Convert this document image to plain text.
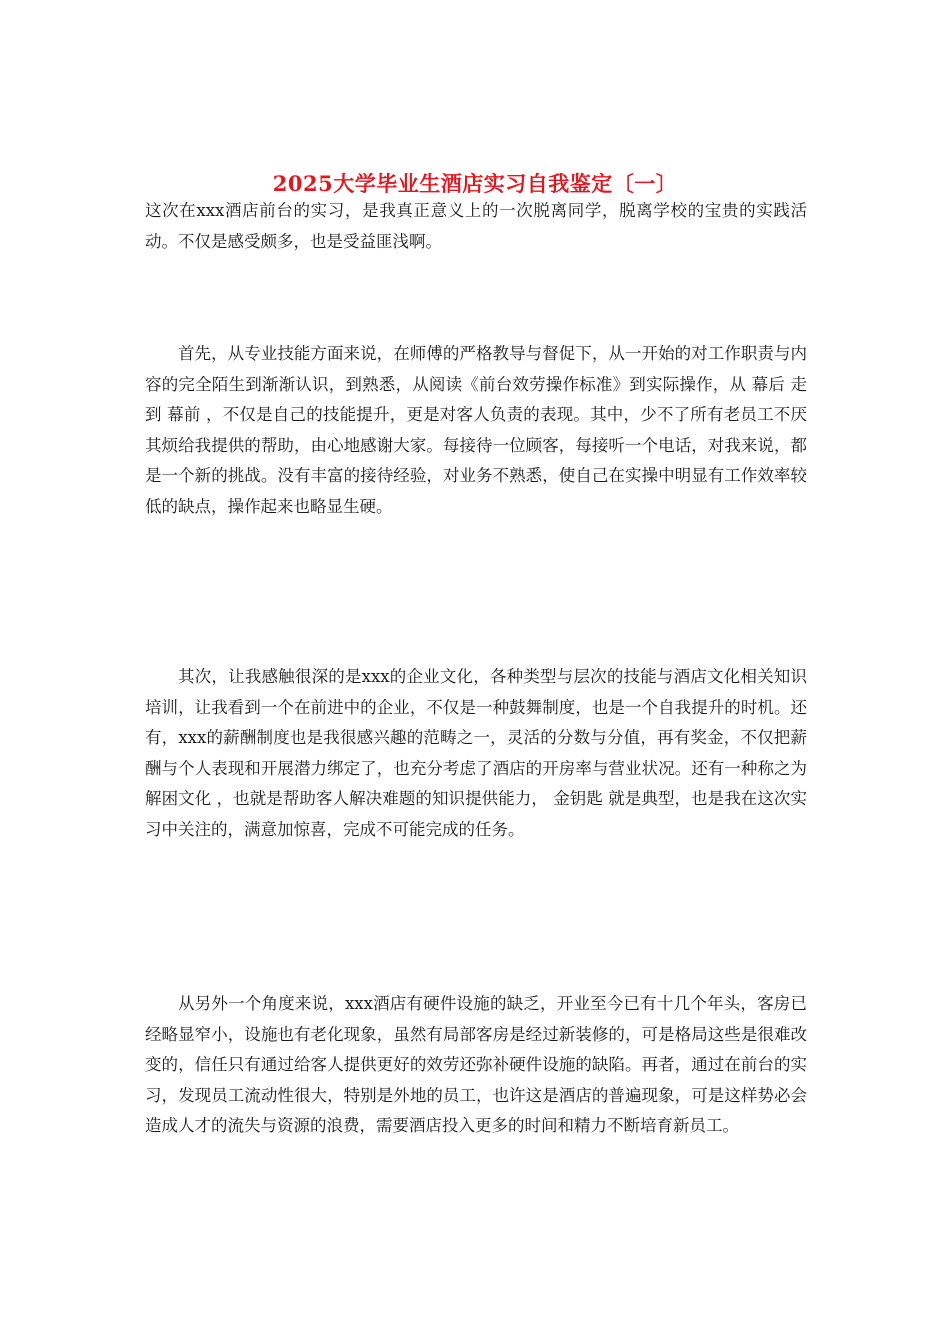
2025大学毕业生酒店实习自我鉴定〔一〕

这次在xxx酒店前台的实习，是我真正意义上的一次脱离同学，脱离学校的宝贵的实践活动。不仅是感受颇多，也是受益匪浅啊。

首先，从专业技能方面来说，在师傅的严格教导与督促下，从一开始的对工作职责与内容的完全陌生到渐渐认识，到熟悉，从阅读《前台效劳操作标准》到实际操作，从 幕后 走到 幕前 ，不仅是自己的技能提升，更是对客人负责的表现。其中，少不了所有老员工不厌其烦给我提供的帮助，由心地感谢大家。每接待一位顾客，每接听一个电话，对我来说，都是一个新的挑战。没有丰富的接待经验，对业务不熟悉，使自己在实操中明显有工作效率较低的缺点，操作起来也略显生硬。

其次，让我感触很深的是xxx的企业文化，各种类型与层次的技能与酒店文化相关知识培训，让我看到一个在前进中的企业，不仅是一种鼓舞制度，也是一个自我提升的时机。还有，xxx的薪酬制度也是我很感兴趣的范畴之一，灵活的分数与分值，再有奖金，不仅把薪酬与个人表现和开展潜力绑定了，也充分考虑了酒店的开房率与营业状况。还有一种称之为 解困文化 ，也就是帮助客人解决难题的知识提供能力， 金钥匙 就是典型，也是我在这次实习中关注的，满意加惊喜，完成不可能完成的任务。

从另外一个角度来说，xxx酒店有硬件设施的缺乏，开业至今已有十几个年头，客房已经略显窄小，设施也有老化现象，虽然有局部客房是经过新装修的，可是格局这些是很难改变的，信任只有通过给客人提供更好的效劳还弥补硬件设施的缺陷。再者，通过在前台的实习，发现员工流动性很大，特别是外地的员工，也许这是酒店的普遍现象，可是这样势必会造成人才的流失与资源的浪费，需要酒店投入更多的时间和精力不断培育新员工。
